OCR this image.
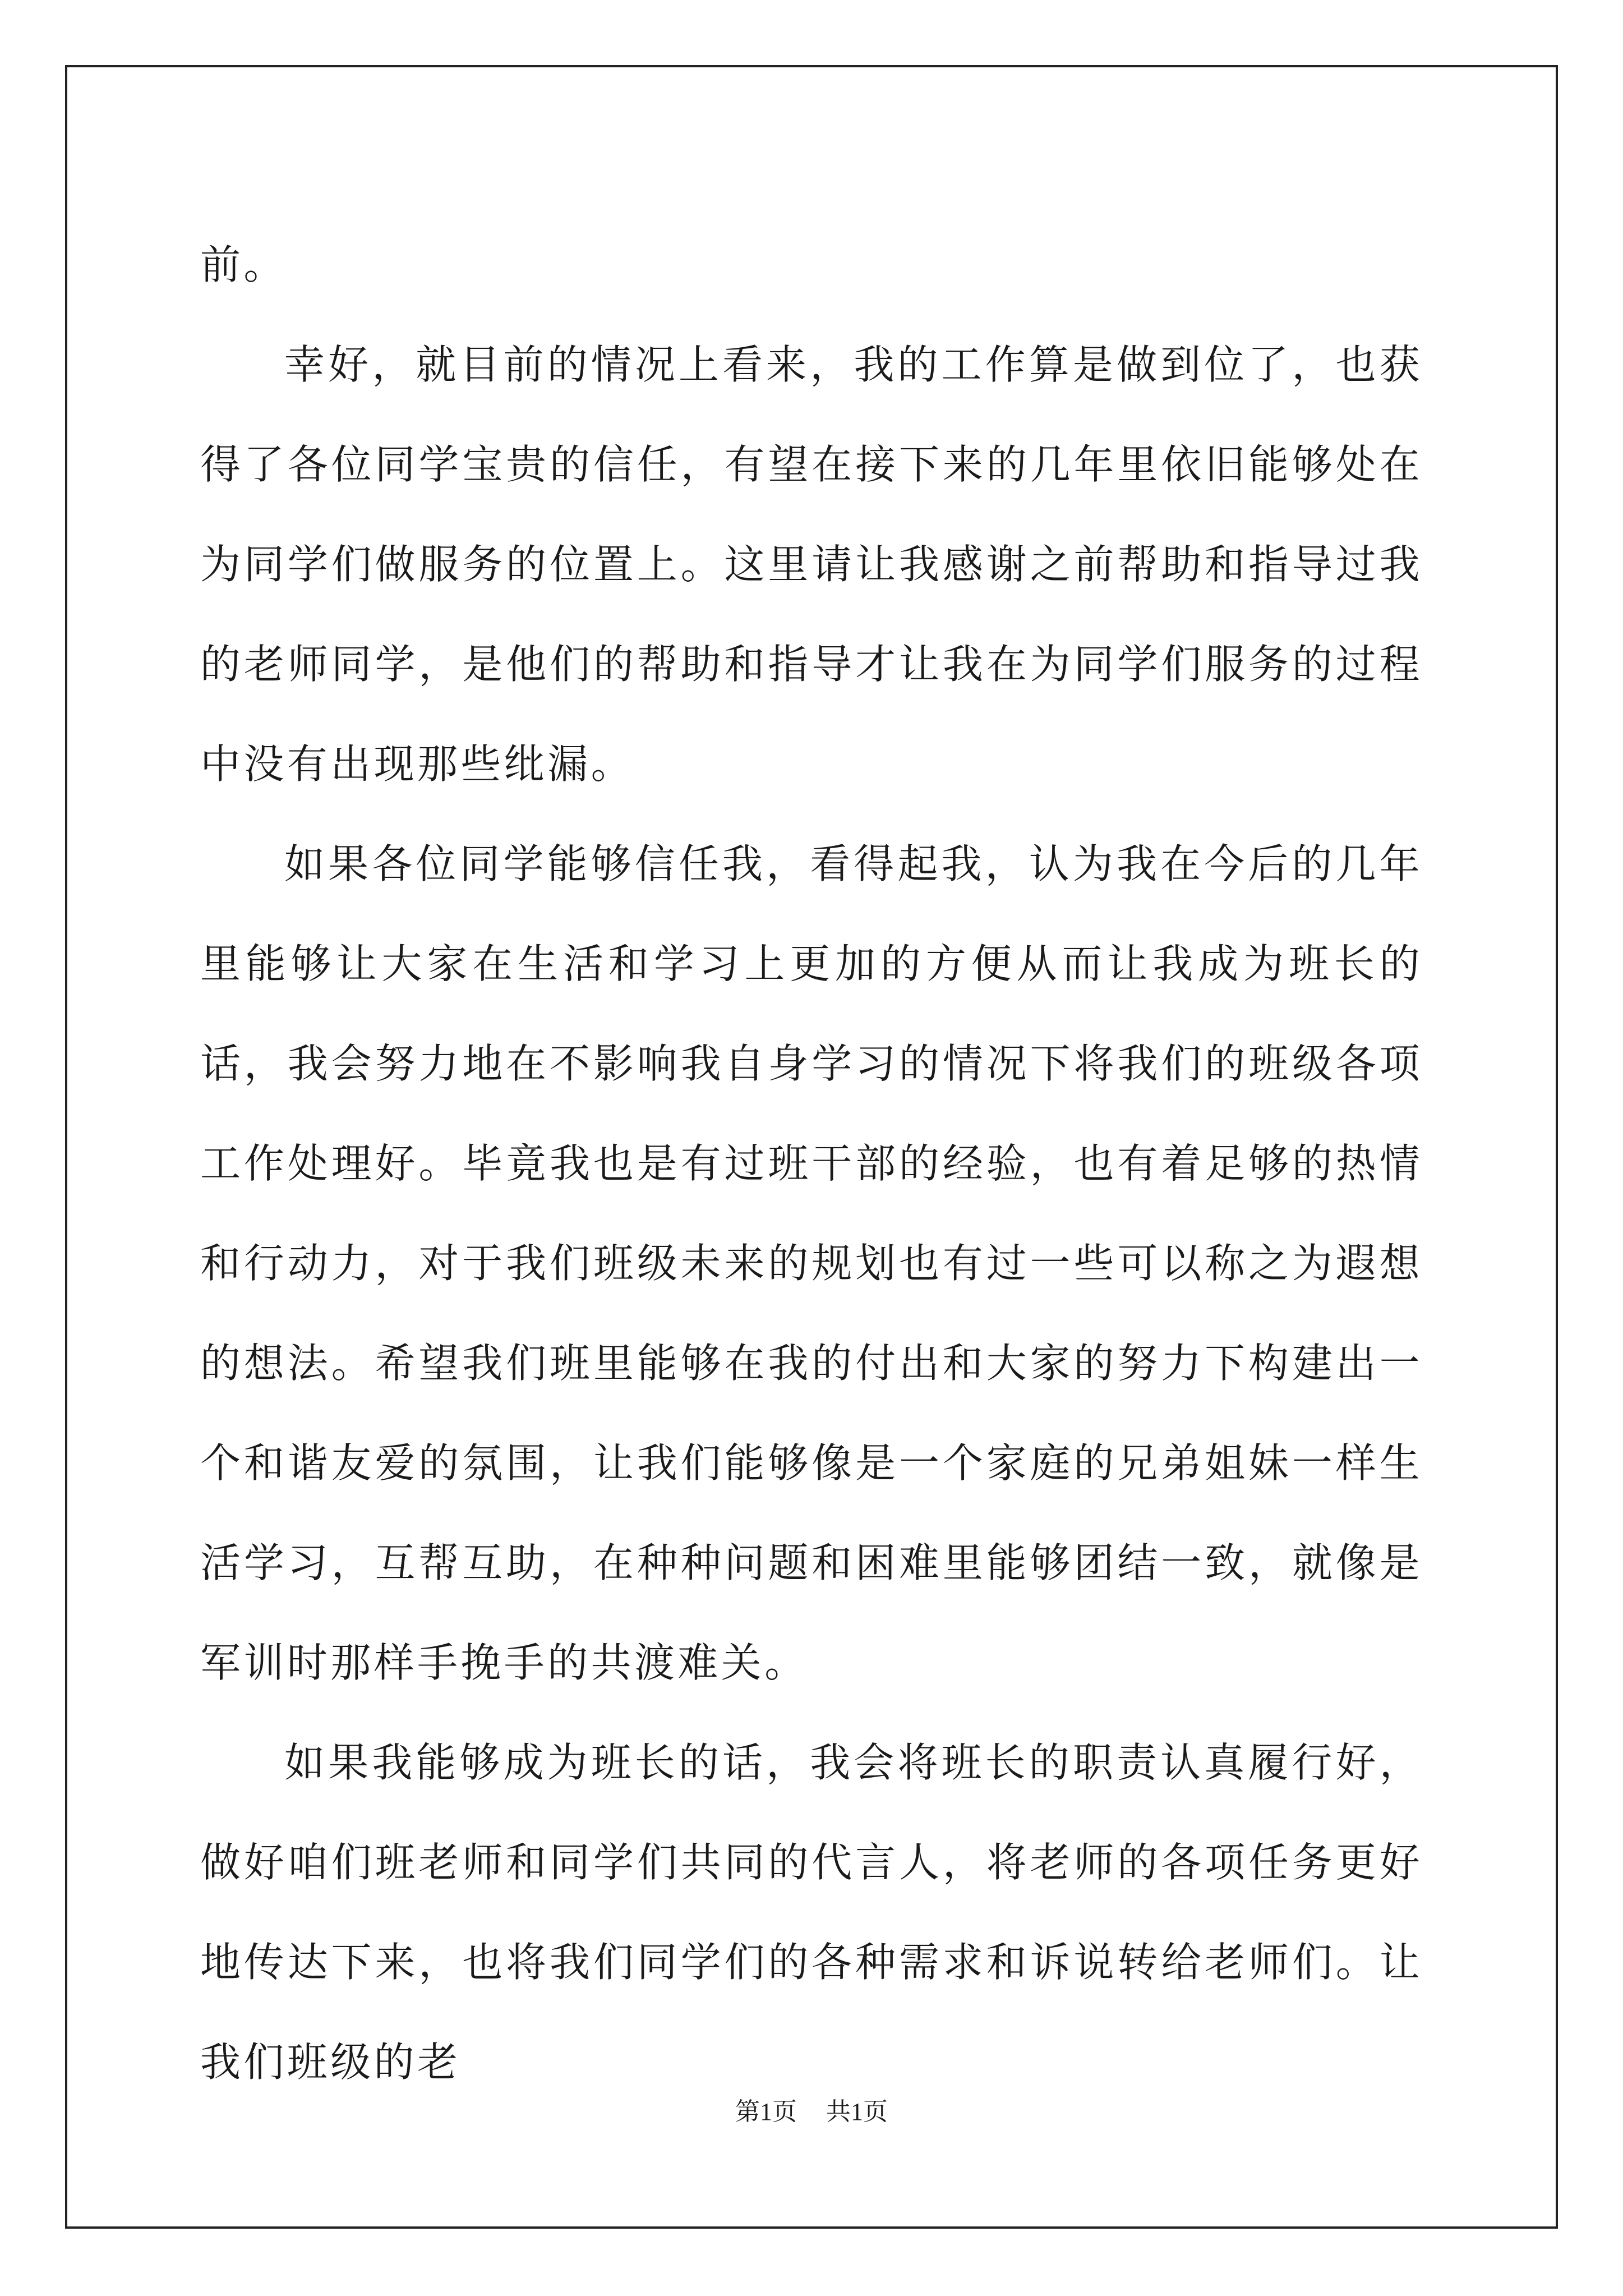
前。

幸好，就目前的情况上看来，我的工作算是做到位了，也获得了各位同学宝贵的信任，有望在接下来的几年里依旧能够处在为同学们做服务的位置上。这里请让我感谢之前帮助和指导过我的老师同学，是他们的帮助和指导才让我在为同学们服务的过程中没有出现那些纰漏。

如果各位同学能够信任我，看得起我，认为我在今后的几年里能够让大家在生活和学习上更加的方便从而让我成为班长的话，我会努力地在不影响我自身学习的情况下将我们的班级各项工作处理好。毕竟我也是有过班干部的经验，也有着足够的热情和行动力，对于我们班级未来的规划也有过一些可以称之为遐想的想法。希望我们班里能够在我的付出和大家的努力下构建出一个和谐友爱的氛围，让我们能够像是一个家庭的兄弟姐妹一样生活学习，互帮互助，在种种问题和困难里能够团结一致，就像是军训时那样手挽手的共渡难关。

如果我能够成为班长的话，我会将班长的职责认真履行好，做好咱们班老师和同学们共同的代言人，将老师的各项任务更好地传达下来，也将我们同学们的各种需求和诉说转给老师们。让我们班级的老

第1页 共1页
